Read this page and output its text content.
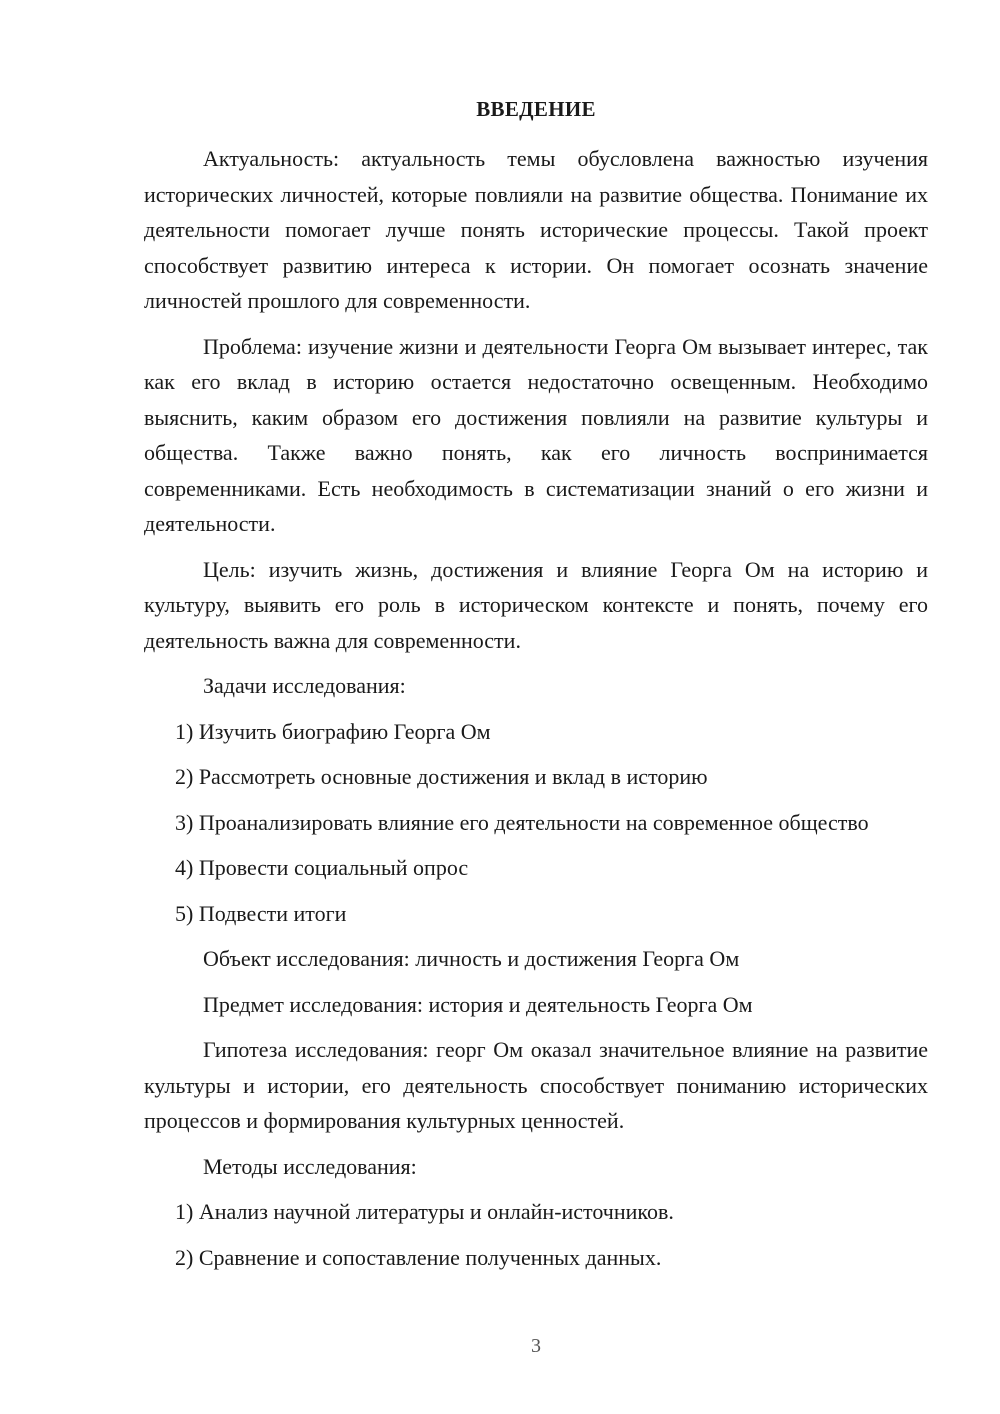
ВВЕДЕНИЕ

Актуальность: актуальность темы обусловлена важностью изучения исторических личностей, которые повлияли на развитие общества. Понимание их деятельности помогает лучше понять исторические процессы. Такой проект способствует развитию интереса к истории. Он помогает осознать значение личностей прошлого для современности.

Проблема: изучение жизни и деятельности Георга Ом вызывает интерес, так как его вклад в историю остается недостаточно освещенным. Необходимо выяснить, каким образом его достижения повлияли на развитие культуры и общества. Также важно понять, как его личность воспринимается современниками. Есть необходимость в систематизации знаний о его жизни и деятельности.

Цель: изучить жизнь, достижения и влияние Георга Ом на историю и культуру, выявить его роль в историческом контексте и понять, почему его деятельность важна для современности.

Задачи исследования:

1) Изучить биографию Георга Ом

2) Рассмотреть основные достижения и вклад в историю

3) Проанализировать влияние его деятельности на современное общество

4) Провести социальный опрос

5) Подвести итоги

Объект исследования: личность и достижения Георга Ом

Предмет исследования: история и деятельность Георга Ом

Гипотеза исследования: георг Ом оказал значительное влияние на развитие культуры и истории, его деятельность способствует пониманию исторических процессов и формирования культурных ценностей.

Методы исследования:

1) Анализ научной литературы и онлайн-источников.

2) Сравнение и сопоставление полученных данных.

3
